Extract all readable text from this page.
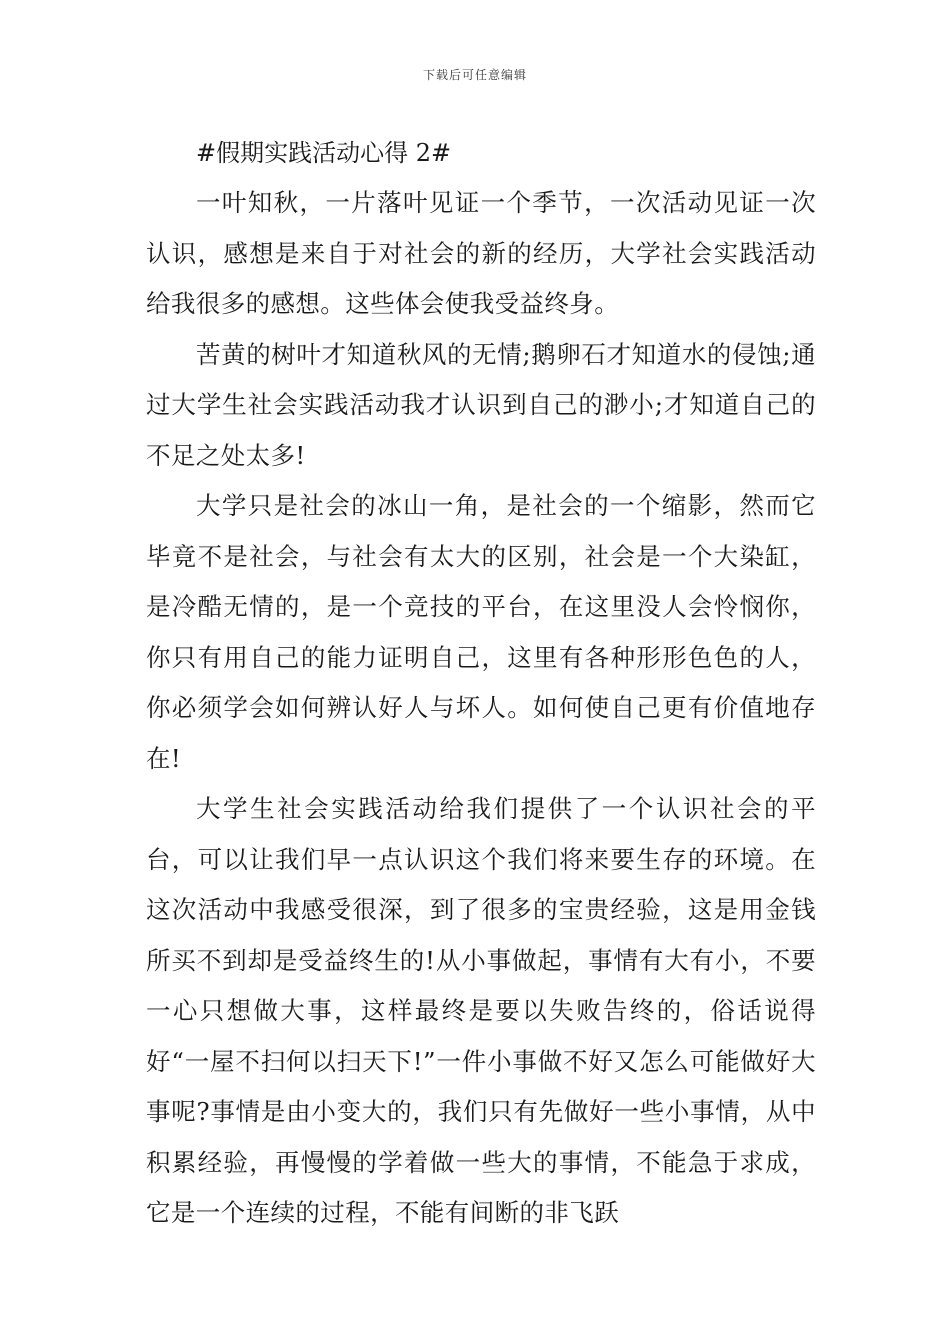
下载后可任意编辑

#假期实践活动心得 2#

一叶知秋，一片落叶见证一个季节，一次活动见证一次认识，感想是来自于对社会的新的经历，大学社会实践活动给我很多的感想。这些体会使我受益终身。

苦黄的树叶才知道秋风的无情;鹅卵石才知道水的侵蚀;通过大学生社会实践活动我才认识到自己的渺小;才知道自己的不足之处太多!

大学只是社会的冰山一角，是社会的一个缩影，然而它毕竟不是社会，与社会有太大的区别，社会是一个大染缸，是冷酷无情的，是一个竞技的平台，在这里没人会怜悯你，你只有用自己的能力证明自己，这里有各种形形色色的人，你必须学会如何辨认好人与坏人。如何使自己更有价值地存在!

大学生社会实践活动给我们提供了一个认识社会的平台，可以让我们早一点认识这个我们将来要生存的环境。在这次活动中我感受很深，到了很多的宝贵经验，这是用金钱所买不到却是受益终生的!从小事做起，事情有大有小，不要一心只想做大事，这样最终是要以失败告终的，俗话说得好“一屋不扫何以扫天下!”一件小事做不好又怎么可能做好大事呢?事情是由小变大的，我们只有先做好一些小事情，从中积累经验，再慢慢的学着做一些大的事情，不能急于求成，它是一个连续的过程，不能有间断的非飞跃
